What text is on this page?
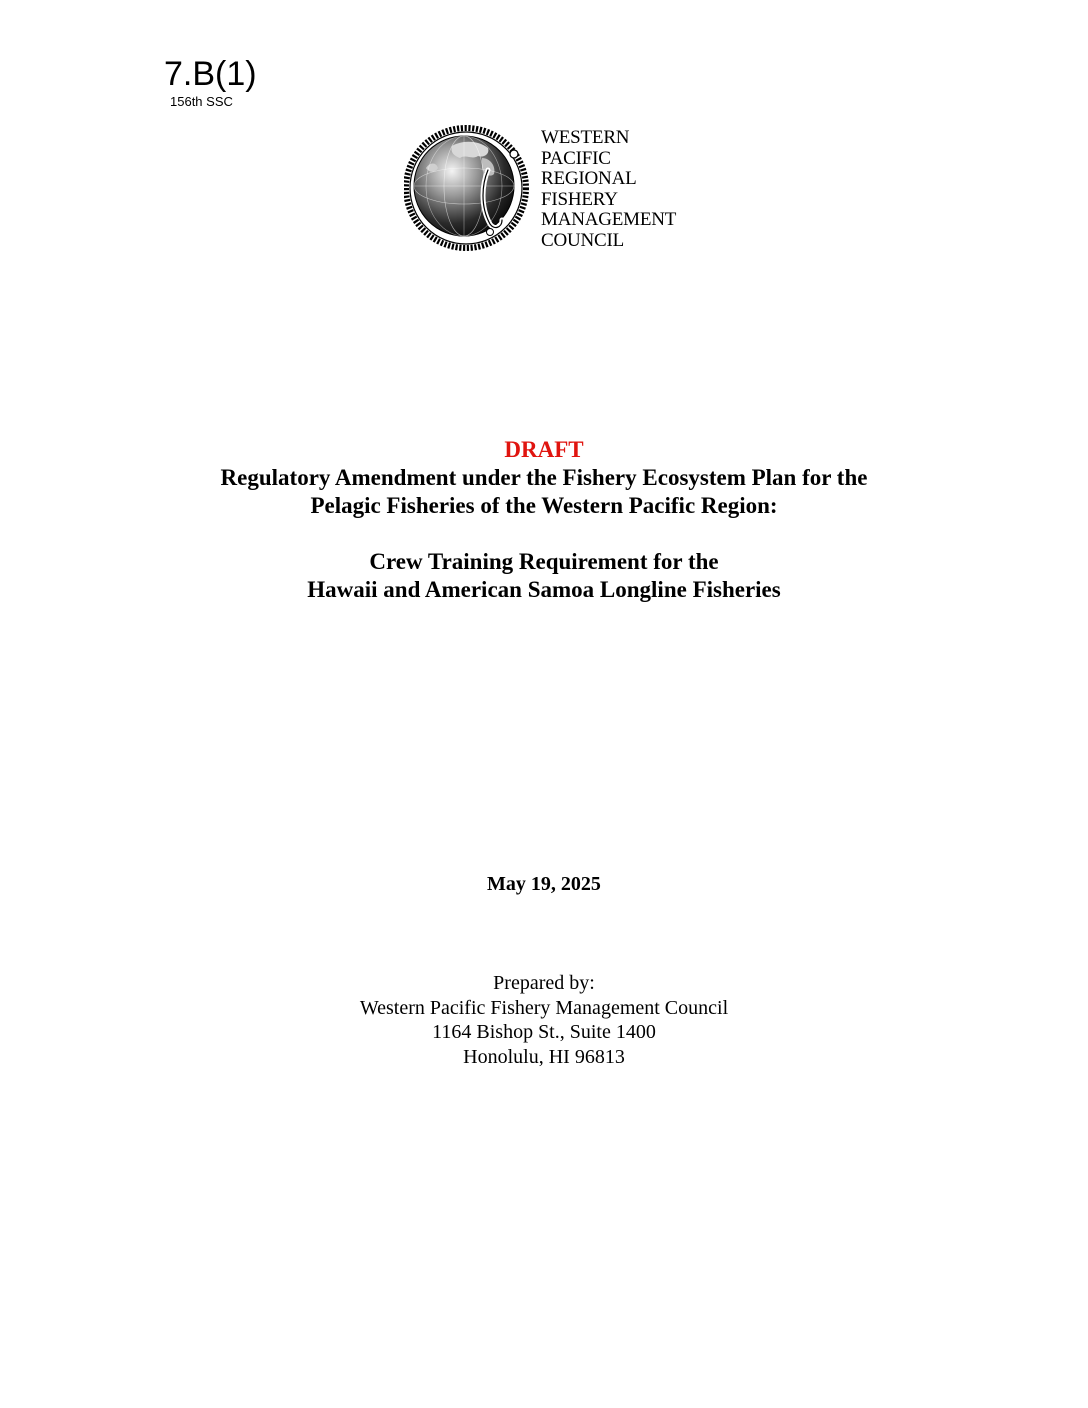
7.B(1)
156th SSC
WESTERN
PACIFIC
REGIONAL
FISHERY
MANAGEMENT
COUNCIL
DRAFT
Regulatory Amendment under the Fishery Ecosystem Plan for the
Pelagic Fisheries of the Western Pacific Region:
Crew Training Requirement for the
Hawaii and American Samoa Longline Fisheries
May 19, 2025
Prepared by:
Western Pacific Fishery Management Council
1164 Bishop St., Suite 1400
Honolulu, HI 96813
